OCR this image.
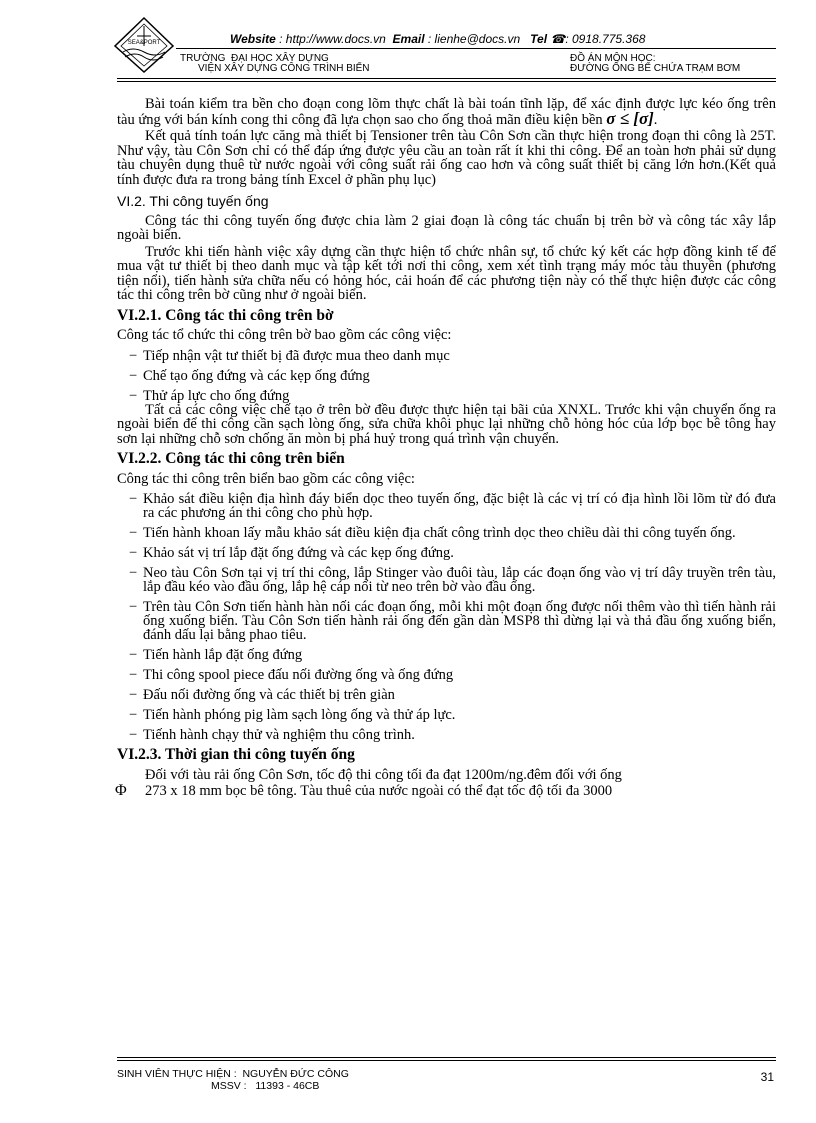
Website : http://www.docs.vn Email : lienhe@docs.vn Tel ☎: 0918.775.368
SEA&PORT
TRƯỜNG ĐẠI HỌC XÂY DỰNG
VIỆN XÂY DỰNG CÔNG TRÌNH BIỂN
ĐỒ ÁN MÔN HỌC:
ĐƯỜNG ỐNG BỂ CHỨA TRẠM BƠM

Bài toán kiểm tra bền cho đoạn cong lõm thực chất là bài toán tĩnh lặp, để xác định được lực kéo ống trên tàu ứng với bán kính cong thi công đã lựa chọn sao cho ống thoả mãn điều kiện bền σ ≤ [σ].

Kết quả tính toán lực căng mà thiết bị Tensioner trên tàu Côn Sơn cần thực hiện trong đoạn thi công là 25T. Như vậy, tàu Côn Sơn chỉ có thể đáp ứng được yêu cầu an toàn rất ít khi thi công. Để an toàn hơn phải sử dụng tàu chuyên dụng thuê từ nước ngoài với công suất rải ống cao hơn và công suất thiết bị căng lớn hơn.(Kết quả tính được đưa ra trong bảng tính Excel ở phần phụ lục)

VI.2. Thi công tuyến ống

Công tác thi công tuyến ống được chia làm 2 giai đoạn là công tác chuẩn bị trên bờ và công tác xây lắp ngoài biển.

Trước khi tiến hành việc xây dựng cần thực hiện tổ chức nhân sự, tổ chức ký kết các hợp đồng kinh tế để mua vật tư thiết bị theo danh mục và tập kết tới nơi thi công, xem xét tình trạng máy móc tàu thuyền (phương tiện nổi), tiến hành sửa chữa nếu có hỏng hóc, cải hoán để các phương tiện này có thể thực hiện được các công tác thi công trên bờ cũng như ở ngoài biển.

VI.2.1. Công tác thi công trên bờ

Công tác tổ chức thi công trên bờ bao gồm các công việc:

− Tiếp nhận vật tư thiết bị đã được mua theo danh mục
− Chế tạo ống đứng và các kẹp ống đứng
− Thử áp lực cho ống đứng

Tất cả các công việc chế tạo ở trên bờ đều được thực hiện tại bãi của XNXL. Trước khi vận chuyển ống ra ngoài biển để thi công cần sạch lòng ống, sửa chữa khôi phục lại những chỗ hỏng hóc của lớp bọc bê tông hay sơn lại những chỗ sơn chống ăn mòn bị phá huỷ trong quá trình vận chuyển.

VI.2.2. Công tác thi công trên biển

Công tác thi công trên biển bao gồm các công việc:

− Khảo sát điều kiện địa hình đáy biển dọc theo tuyến ống, đặc biệt là các vị trí có địa hình lồi lõm từ đó đưa ra các phương án thi công cho phù hợp.
− Tiến hành khoan lấy mẫu khảo sát điều kiện địa chất công trình dọc theo chiều dài thi công tuyến ống.
− Khảo sát vị trí lắp đặt ống đứng và các kẹp ống đứng.
− Neo tàu Côn Sơn tại vị trí thi công, lắp Stinger vào đuôi tàu, lắp các đoạn ống vào vị trí dây truyền trên tàu, lắp đầu kéo vào đầu ống, lắp hệ cáp nối từ neo trên bờ vào đầu ống.
− Trên tàu Côn Sơn tiến hành hàn nối các đoạn ống, mỗi khi một đoạn ống được nối thêm vào thì tiến hành rải ống xuống biển. Tàu Côn Sơn tiến hành rải ống đến gần dàn MSP8 thì dừng lại và thả đầu ống xuống biển, đánh dấu lại bằng phao tiêu.
− Tiến hành lắp đặt ống đứng
− Thi công spool piece đấu nối đường ống và ống đứng
− Đấu nối đường ống và các thiết bị trên giàn
− Tiến hành phóng pig làm sạch lòng ống và thử áp lực.
− Tiếnh hành chạy thử và nghiệm thu công trình.
VI.2.3. Thời gian thi công tuyến ống

Đối với tàu rải ống Côn Sơn, tốc độ thi công tối đa đạt 1200m/ng.đêm đối với ống

Φ 273 x 18 mm bọc bê tông. Tàu thuê của nước ngoài có thể đạt tốc độ tối đa 3000

SINH VIÊN THỰC HIỆN : NGUYỄN ĐỨC CÔNG
MSSV : 11393 - 46CB
31
